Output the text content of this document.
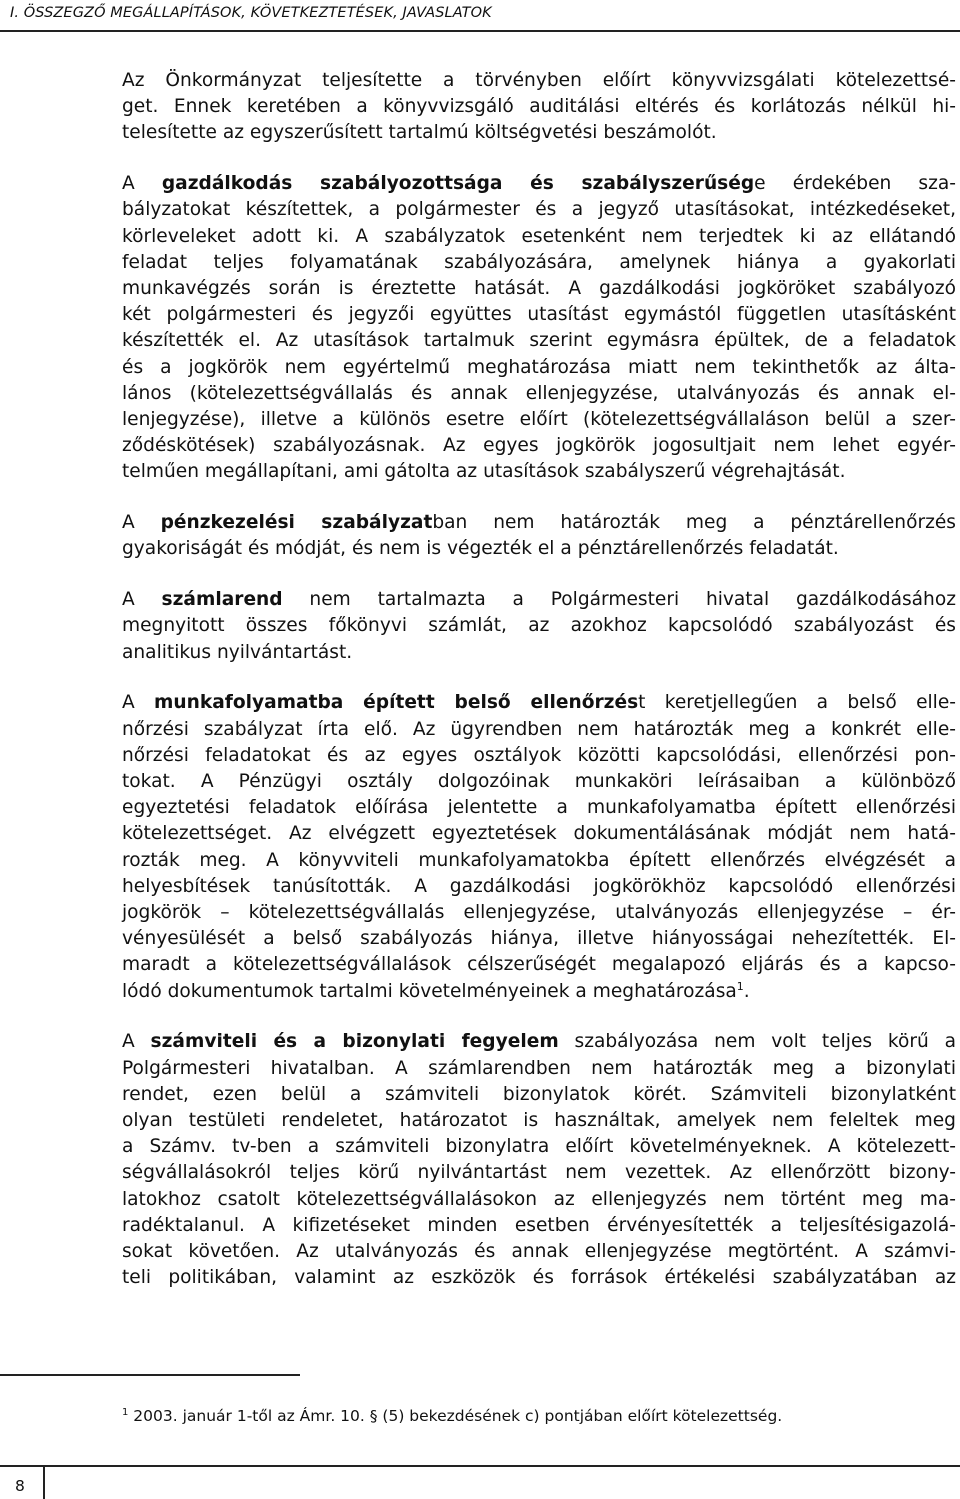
I. ÖSSZEGZŐ MEGÁLLAPÍTÁSOK, KÖVETKEZTETÉSEK, JAVASLATOK

Az Önkormányzat teljesítette a törvényben előírt könyvvizsgálati kötelezettsé-
get. Ennek keretében a könyvvizsgáló auditálási eltérés és korlátozás nélkül hi-
telesítette az egyszerűsített tartalmú költségvetési beszámolót.

A gazdálkodás szabályozottsága és szabályszerűsége érdekében sza-
bályzatokat készítettek, a polgármester és a jegyző utasításokat, intézkedéseket,
körleveleket adott ki. A szabályzatok esetenként nem terjedtek ki az ellátandó
feladat teljes folyamatának szabályozására, amelynek hiánya a gyakorlati
munkavégzés során is éreztette hatását. A gazdálkodási jogköröket szabályozó
két polgármesteri és jegyzői együttes utasítást egymástól független utasításként
készítették el. Az utasítások tartalmuk szerint egymásra épültek, de a feladatok
és a jogkörök nem egyértelmű meghatározása miatt nem tekinthetők az álta-
lános (kötelezettségvállalás és annak ellenjegyzése, utalványozás és annak el-
lenjegyzése), illetve a különös esetre előírt (kötelezettségvállaláson belül a szer-
ződéskötések) szabályozásnak. Az egyes jogkörök jogosultjait nem lehet egyér-
telműen megállapítani, ami gátolta az utasítások szabályszerű végrehajtását.

A pénzkezelési szabályzatban nem határozták meg a pénztárellenőrzés
gyakoriságát és módját, és nem is végezték el a pénztárellenőrzés feladatát.

A számlarend nem tartalmazta a Polgármesteri hivatal gazdálkodásához
megnyitott összes főkönyvi számlát, az azokhoz kapcsolódó szabályozást és
analitikus nyilvántartást.

A munkafolyamatba épített belső ellenőrzést keretjellegűen a belső elle-
nőrzési szabályzat írta elő. Az ügyrendben nem határozták meg a konkrét elle-
nőrzési feladatokat és az egyes osztályok közötti kapcsolódási, ellenőrzési pon-
tokat. A Pénzügyi osztály dolgozóinak munkaköri leírásaiban a különböző
egyeztetési feladatok előírása jelentette a munkafolyamatba épített ellenőrzési
kötelezettséget. Az elvégzett egyeztetések dokumentálásának módját nem hatá-
rozták meg. A könyvviteli munkafolyamatokba épített ellenőrzés elvégzését a
helyesbítések tanúsították. A gazdálkodási jogkörökhöz kapcsolódó ellenőrzési
jogkörök – kötelezettségvállalás ellenjegyzése, utalványozás ellenjegyzése – ér-
vényesülését a belső szabályozás hiánya, illetve hiányosságai nehezítették. El-
maradt a kötelezettségvállalások célszerűségét megalapozó eljárás és a kapcso-
lódó dokumentumok tartalmi követelményeinek a meghatározása$^1$.

A számviteli és a bizonylati fegyelem szabályozása nem volt teljes körű a
Polgármesteri hivatalban. A számlarendben nem határozták meg a bizonylati
rendet, ezen belül a számviteli bizonylatok körét. Számviteli bizonylatként
olyan testületi rendeletet, határozatot is használtak, amelyek nem feleltek meg
a Számv. tv-ben a számviteli bizonylatra előírt követelményeknek. A kötelezett-
ségvállalásokról teljes körű nyilvántartást nem vezettek. Az ellenőrzött bizony-
latokhoz csatolt kötelezettségvállalásokon az ellenjegyzés nem történt meg ma-
radéktalanul. A kifizetéseket minden esetben érvényesítették a teljesítésigazolá-
sokat követően. Az utalványozás és annak ellenjegyzése megtörtént. A számvi-
teli politikában, valamint az eszközök és források értékelési szabályzatában az

$^1$ 2003. január 1-től az Ámr. 10. § (5) bekezdésének c) pontjában előírt kötelezettség.
8
